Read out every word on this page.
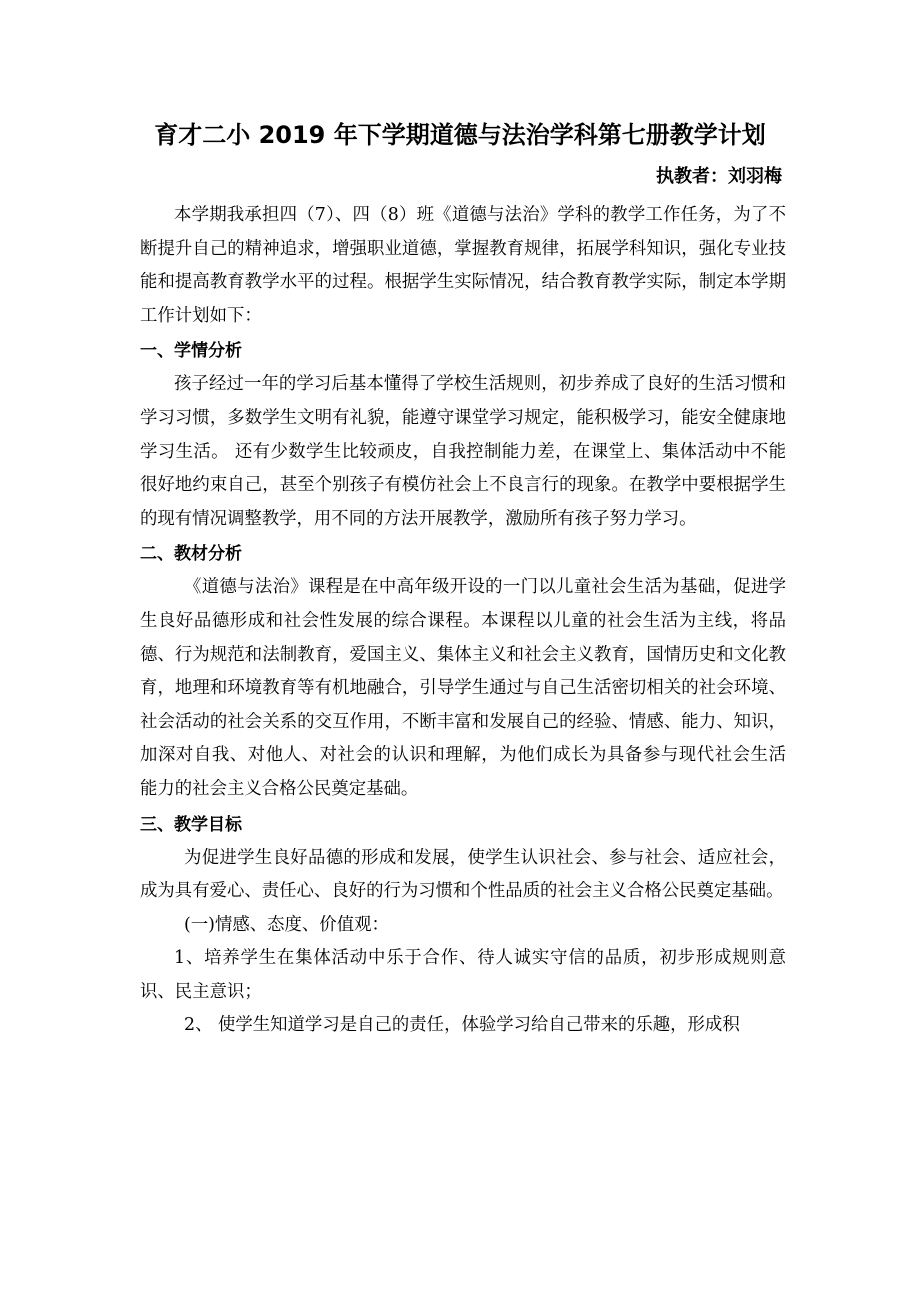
育才二小 2019 年下学期道德与法治学科第七册教学计划
执教者：刘羽梅

本学期我承担四（7）、四（8）班《道德与法治》学科的教学工作任务，为了不断提升自己的精神追求，增强职业道德，掌握教育规律，拓展学科知识，强化专业技能和提高教育教学水平的过程。根据学生实际情况，结合教育教学实际，制定本学期工作计划如下：

一、学情分析

孩子经过一年的学习后基本懂得了学校生活规则，初步养成了良好的生活习惯和学习习惯，多数学生文明有礼貌，能遵守课堂学习规定，能积极学习，能安全健康地学习生活。 还有少数学生比较顽皮，自我控制能力差，在课堂上、集体活动中不能很好地约束自己，甚至个别孩子有模仿社会上不良言行的现象。在教学中要根据学生的现有情况调整教学，用不同的方法开展教学，激励所有孩子努力学习。

二、教材分析

《道德与法治》课程是在中高年级开设的一门以儿童社会生活为基础，促进学生良好品德形成和社会性发展的综合课程。本课程以儿童的社会生活为主线，将品德、行为规范和法制教育，爱国主义、集体主义和社会主义教育，国情历史和文化教育，地理和环境教育等有机地融合，引导学生通过与自己生活密切相关的社会环境、社会活动的社会关系的交互作用，不断丰富和发展自己的经验、情感、能力、知识，加深对自我、对他人、对社会的认识和理解，为他们成长为具备参与现代社会生活 能力的社会主义合格公民奠定基础。

三、教学目标

为促进学生良好品德的形成和发展，使学生认识社会、参与社会、适应社会，成为具有爱心、责任心、良好的行为习惯和个性品质的社会主义合格公民奠定基础。

(一)情感、态度、价值观：

1、培养学生在集体活动中乐于合作、待人诚实守信的品质，初步形成规则意识、民主意识；

2、 使学生知道学习是自己的责任，体验学习给自己带来的乐趣，形成积
